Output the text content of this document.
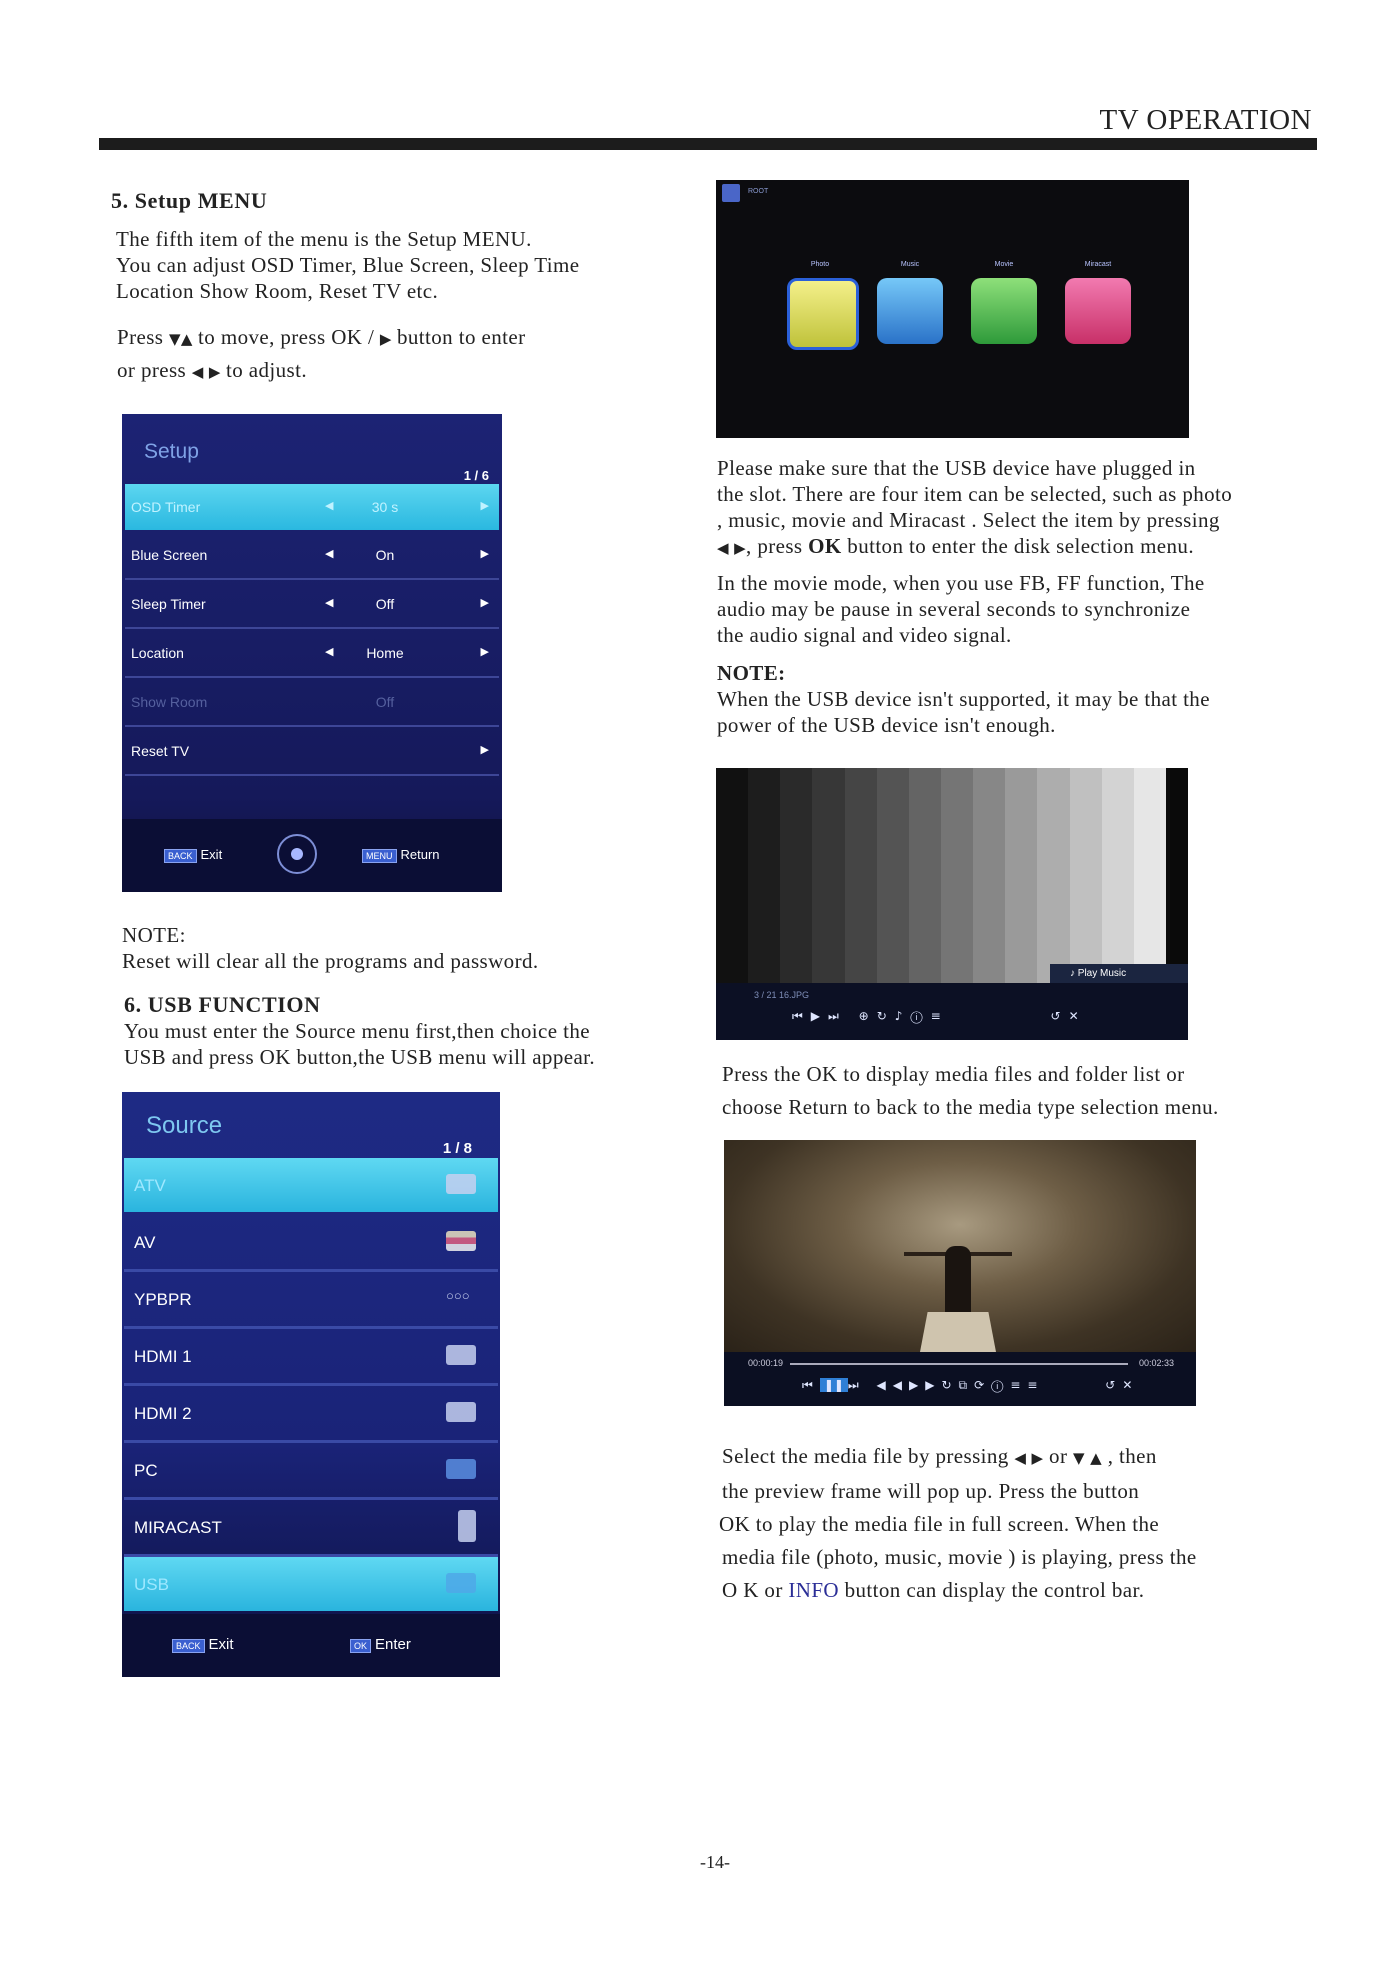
TV OPERATION
5. Setup MENU
The fifth item of the menu is the Setup MENU.
You can adjust OSD Timer, Blue Screen, Sleep Time
Location Show Room, Reset TV etc.
Press ▼▲ to move, press OK / ▶ button to enter
or press ◀ ▶ to adjust.
Setup
1 / 6
OSD Timer	◀	30 s	▶
Blue Screen	◀	On	▶
Sleep Timer	◀	Off	▶
Location	◀	Home	▶
Show Room	Off
Reset TV	▶
BACK Exit	MENU Return
NOTE:
Reset will clear all the programs and password.
6. USB FUNCTION
You must enter the Source menu first,then choice the
USB and press OK button,the USB menu will appear.
Source
1 / 8
ATV
AV
YPBPR	○○○
HDMI 1
HDMI 2
PC
MIRACAST
USB
BACK Exit	OK Enter
ROOT
Photo	Music	Movie	Miracast
Please make sure that the USB device have plugged in
the slot. There are four item can be selected, such as photo
, music, movie and Miracast . Select the item by pressing
◀ ▶, press OK button to enter the disk selection menu.
In the movie mode, when you use FB, FF function, The
audio may be pause in several seconds to synchronize
the audio signal and video signal.
NOTE:
When the USB device isn't supported, it may be that the
power of the USB device isn't enough.
♪ Play Music
3 / 21 16.JPG
⏮▶⏭ ⊕↻♪ⓘ≡	↺✕
Press the OK to display media files and folder list or
choose Return to back to the media type selection menu.
00:00:19	00:02:33
⏮ ❚❚ ⏭ ◀◀▶▶↻⧉⟳ⓘ≡≡	↺✕
Select the media file by pressing ◀ ▶ or ▼ ▲ , then
the preview frame will pop up. Press the button
OK to play the media file in full screen. When the
media file (photo, music, movie ) is playing, press the
O K or INFO button can display the control bar.
-14-
